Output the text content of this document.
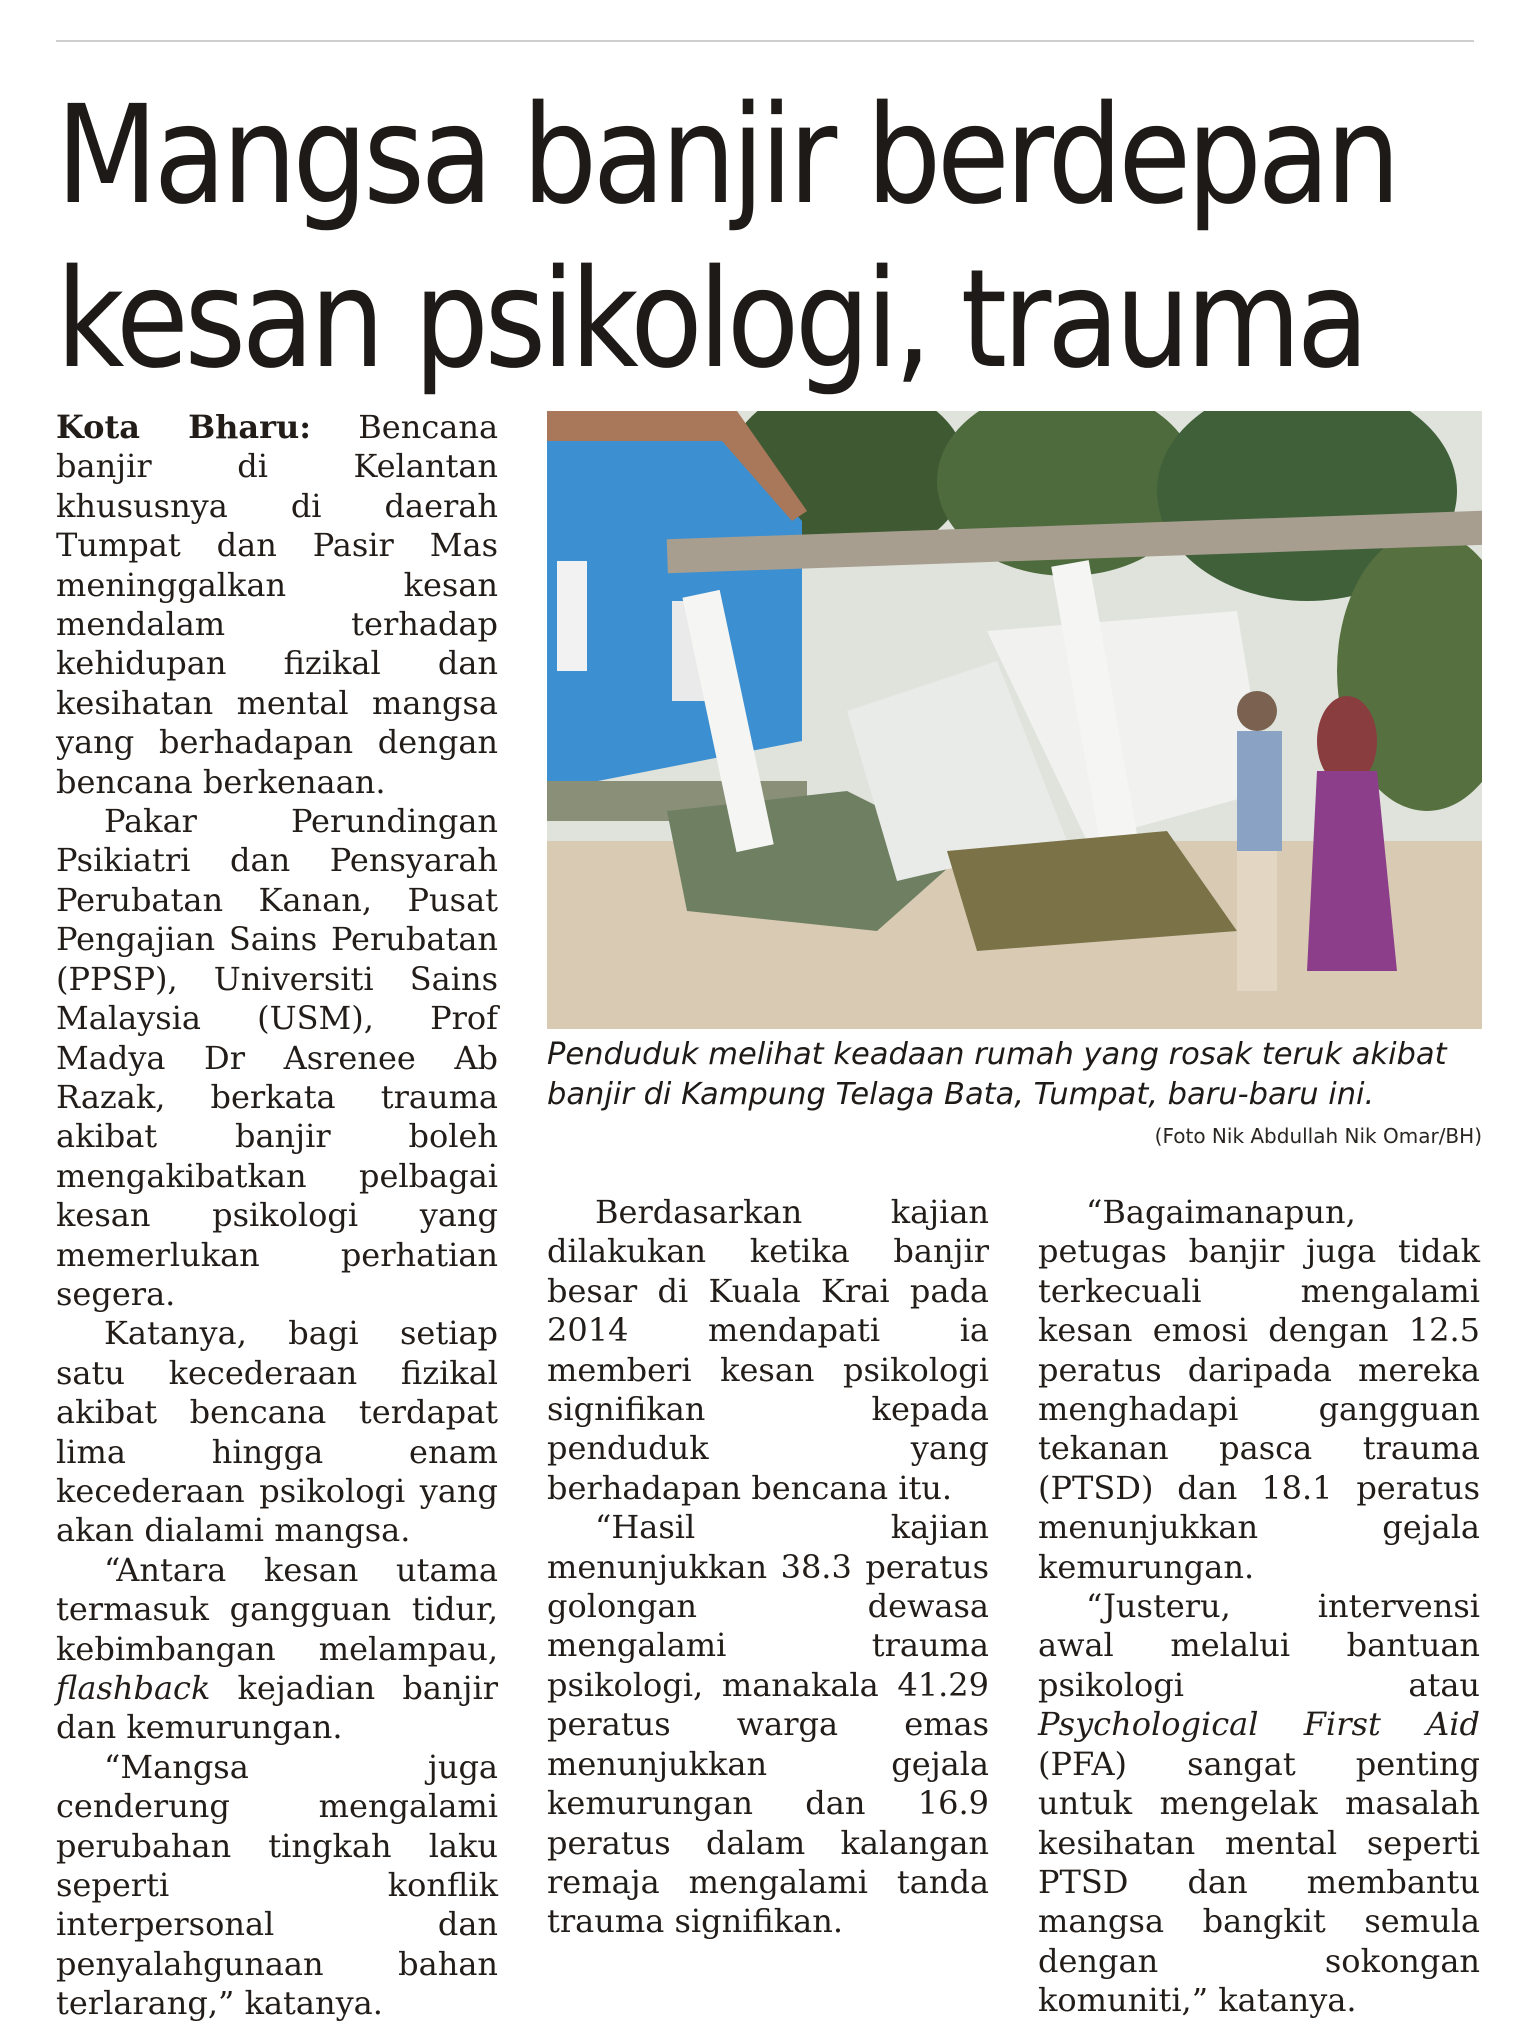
Mangsa banjir berdepan
kesan psikologi, trauma

Kota Bharu: Bencana banjir di Kelantan khususnya di daerah Tumpat dan Pasir Mas meninggalkan kesan mendalam terhadap kehidupan fizikal dan kesihatan mental mangsa yang berhadapan dengan bencana berkenaan.

Pakar Perundingan Psikiatri dan Pensyarah Perubatan Kanan, Pusat Pengajian Sains Perubatan (PPSP), Universiti Sains Malaysia (USM), Prof Madya Dr Asrenee Ab Razak, berkata trauma akibat banjir boleh mengakibatkan pelbagai kesan psikologi yang memerlukan perhatian segera.

Katanya, bagi setiap satu kecederaan fizikal akibat bencana terdapat lima hingga enam kecederaan psikologi yang akan dialami mangsa.

“Antara kesan utama termasuk gangguan tidur, kebimbangan melampau, flashback kejadian banjir dan kemurungan.

“Mangsa juga cenderung mengalami perubahan tingkah laku seperti konflik interpersonal dan penyalahgunaan bahan terlarang,” katanya.

Penduduk melihat keadaan rumah yang rosak teruk akibat banjir di Kampung Telaga Bata, Tumpat, baru-baru ini.

(Foto Nik Abdullah Nik Omar/BH)

Berdasarkan kajian dilakukan ketika banjir besar di Kuala Krai pada 2014 mendapati ia memberi kesan psikologi signifikan kepada penduduk yang berhadapan bencana itu.

“Hasil kajian menunjukkan 38.3 peratus golongan dewasa mengalami trauma psikologi, manakala 41.29 peratus warga emas menunjukkan gejala kemurungan dan 16.9 peratus dalam kalangan remaja mengalami tanda trauma signifikan.

“Bagaimanapun, petugas banjir juga tidak terkecuali mengalami kesan emosi dengan 12.5 peratus daripada mereka menghadapi gangguan tekanan pasca trauma (PTSD) dan 18.1 peratus menunjukkan gejala kemurungan.

“Justeru, intervensi awal melalui bantuan psikologi atau Psychological First Aid (PFA) sangat penting untuk mengelak masalah kesihatan mental seperti PTSD dan membantu mangsa bangkit semula dengan sokongan komuniti,” katanya.
